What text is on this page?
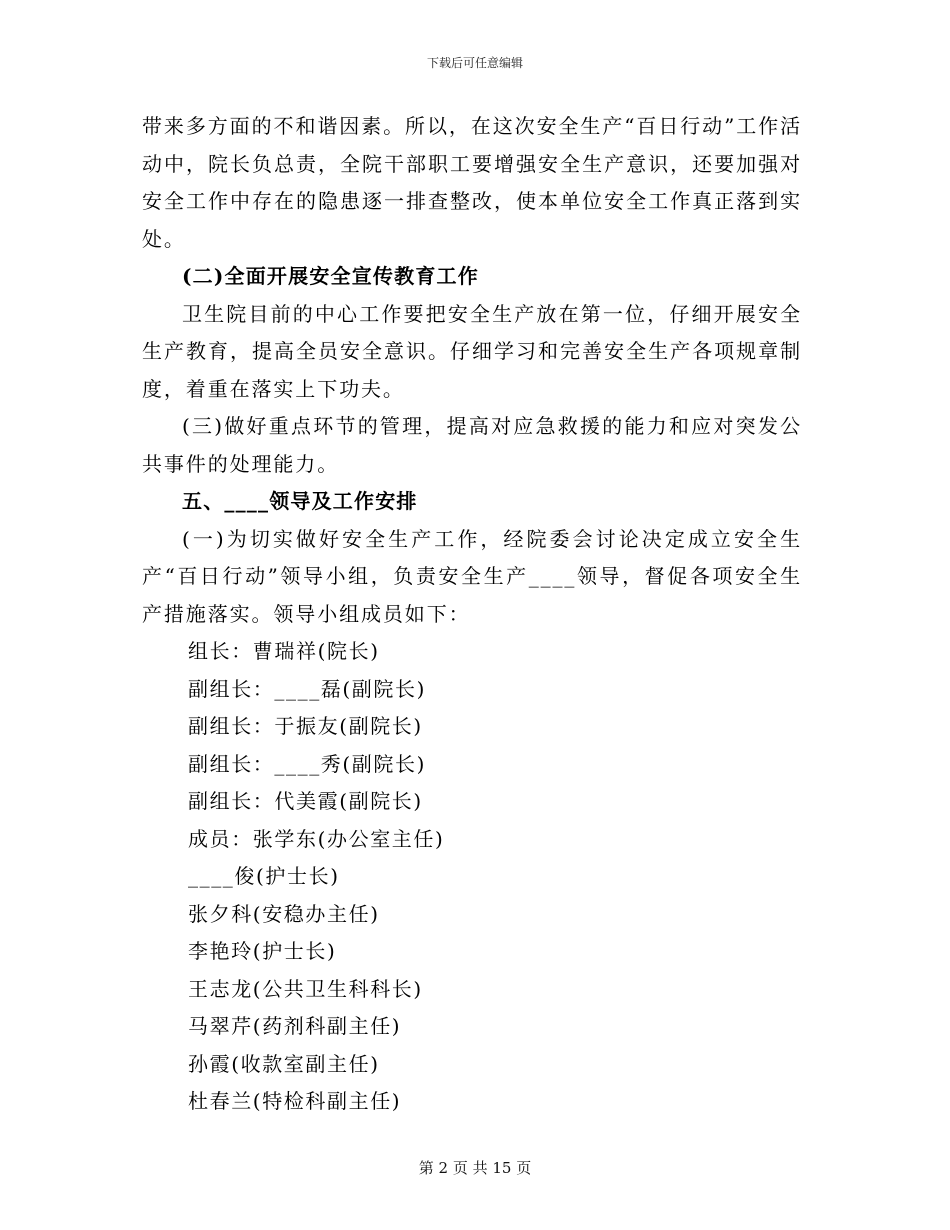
下载后可任意编辑

带来多方面的不和谐因素。所以，在这次安全生产“百日行动”工作活动中，院长负总责，全院干部职工要增强安全生产意识，还要加强对安全工作中存在的隐患逐一排查整改，使本单位安全工作真正落到实处。

(二)全面开展安全宣传教育工作

卫生院目前的中心工作要把安全生产放在第一位，仔细开展安全生产教育，提高全员安全意识。仔细学习和完善安全生产各项规章制度，着重在落实上下功夫。

(三)做好重点环节的管理，提高对应急救援的能力和应对突发公共事件的处理能力。

五、____领导及工作安排

(一)为切实做好安全生产工作，经院委会讨论决定成立安全生产“百日行动”领导小组，负责安全生产____领导，督促各项安全生产措施落实。领导小组成员如下：

组长：曹瑞祥(院长)

副组长：____磊(副院长)

副组长：于振友(副院长)

副组长：____秀(副院长)

副组长：代美霞(副院长)

成员：张学东(办公室主任)

____俊(护士长)

张夕科(安稳办主任)

李艳玲(护士长)

王志龙(公共卫生科科长)

马翠芹(药剂科副主任)

孙霞(收款室副主任)

杜春兰(特检科副主任)

第 2 页 共 15 页
